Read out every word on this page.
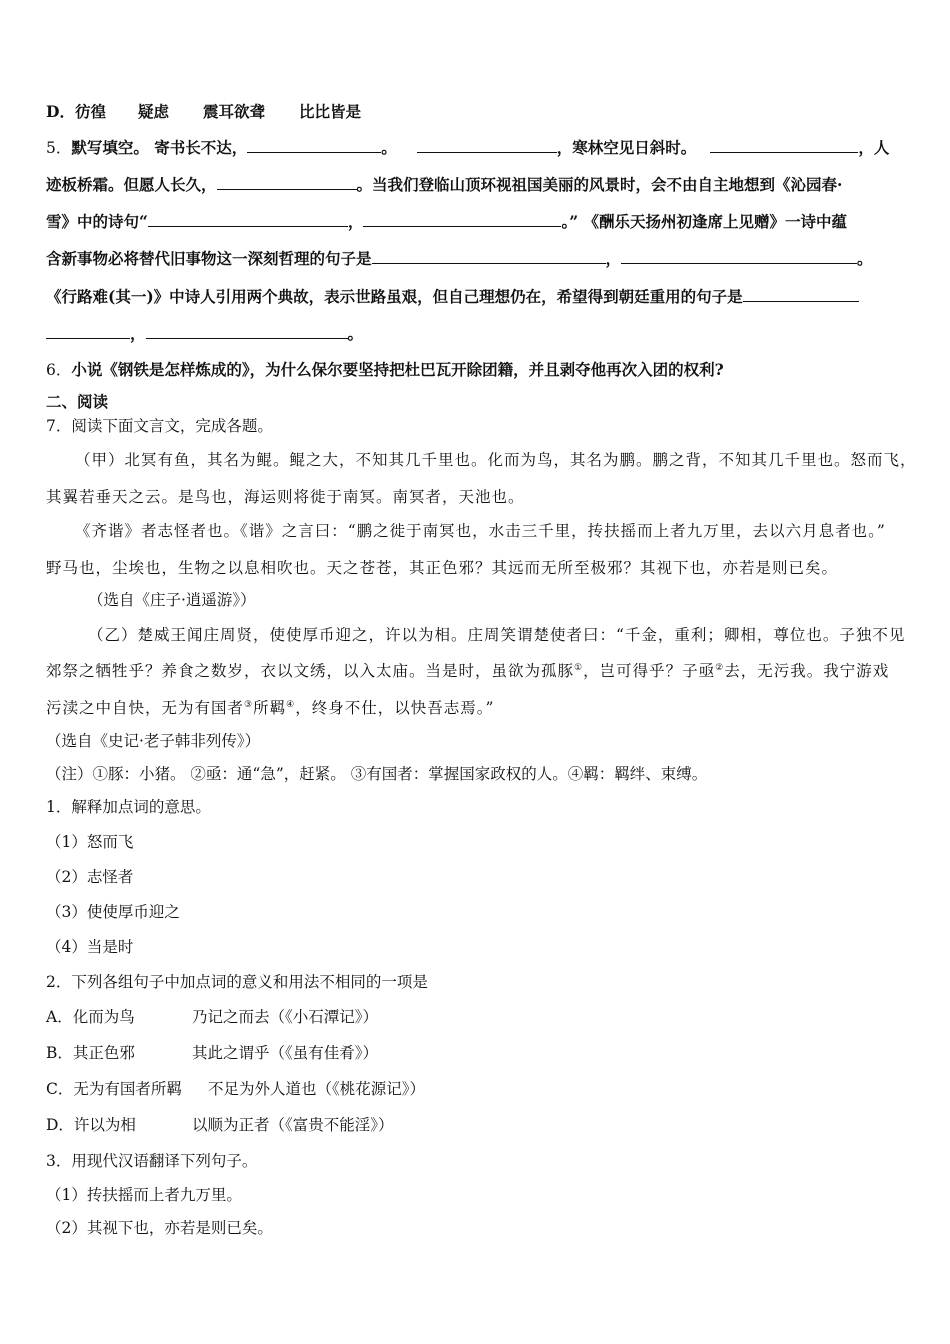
D．彷徨 疑虑 震耳欲聋 比比皆是
5．默写填空。 寄书长不达，	。	，寒林空见日斜时。	，人
迹板桥霜。但愿人长久，	。当我们登临山顶环视祖国美丽的风景时，会不由自主地想到《沁园春·
雪》中的诗句“	，	。” 《酬乐天扬州初逢席上见赠》一诗中蕴
含新事物必将替代旧事物这一深刻哲理的句子是	，	。
《行路难(其一)》中诗人引用两个典故，表示世路虽艰，但自己理想仍在，希望得到朝廷重用的句子是
，	。
6．小说《钢铁是怎样炼成的》，为什么保尔要坚持把杜巴瓦开除团籍，并且剥夺他再次入团的权利?
二、阅读
7．阅读下面文言文，完成各题。
（甲）北冥有鱼，其名为鲲。鲲之大，不知其几千里也。化而为鸟，其名为鹏。鹏之背，不知其几千里也。怒而飞，
其翼若垂天之云。是鸟也，海运则将徙于南冥。南冥者，天池也。
《齐谐》者志怪者也。《谐》之言曰：“鹏之徙于南冥也，水击三千里，抟扶摇而上者九万里，去以六月息者也。”
野马也，尘埃也，生物之以息相吹也。天之苍苍，其正色邪？其远而无所至极邪？其视下也，亦若是则已矣。
（选自《庄子·逍遥游》）
（乙）楚威王闻庄周贤，使使厚币迎之，许以为相。庄周笑谓楚使者曰：“千金，重利；卿相，尊位也。子独不见
郊祭之牺牲乎？养食之数岁，衣以文绣，以入太庙。当是时，虽欲为孤豚①，岂可得乎？子亟②去，无污我。我宁游戏
污渎之中自快，无为有国者③所羁④，终身不仕，以快吾志焉。”
（选自《史记·老子韩非列传》）
（注）①豚：小猪。 ②亟：通“急”，赶紧。 ③有国者：掌握国家政权的人。④羁：羁绊、束缚。
1．解释加点词的意思。
（1）怒而飞
（2）志怪者
（3）使使厚币迎之
（4）当是时
2．下列各组句子中加点词的意义和用法不相同的一项是
A．化而为鸟	乃记之而去（《小石潭记》）
B．其正色邪	其此之谓乎（《虽有佳肴》）
C．无为有国者所羁 不足为外人道也（《桃花源记》）
D．许以为相	以顺为正者（《富贵不能淫》）
3．用现代汉语翻译下列句子。
（1）抟扶摇而上者九万里。
（2）其视下也，亦若是则已矣。
